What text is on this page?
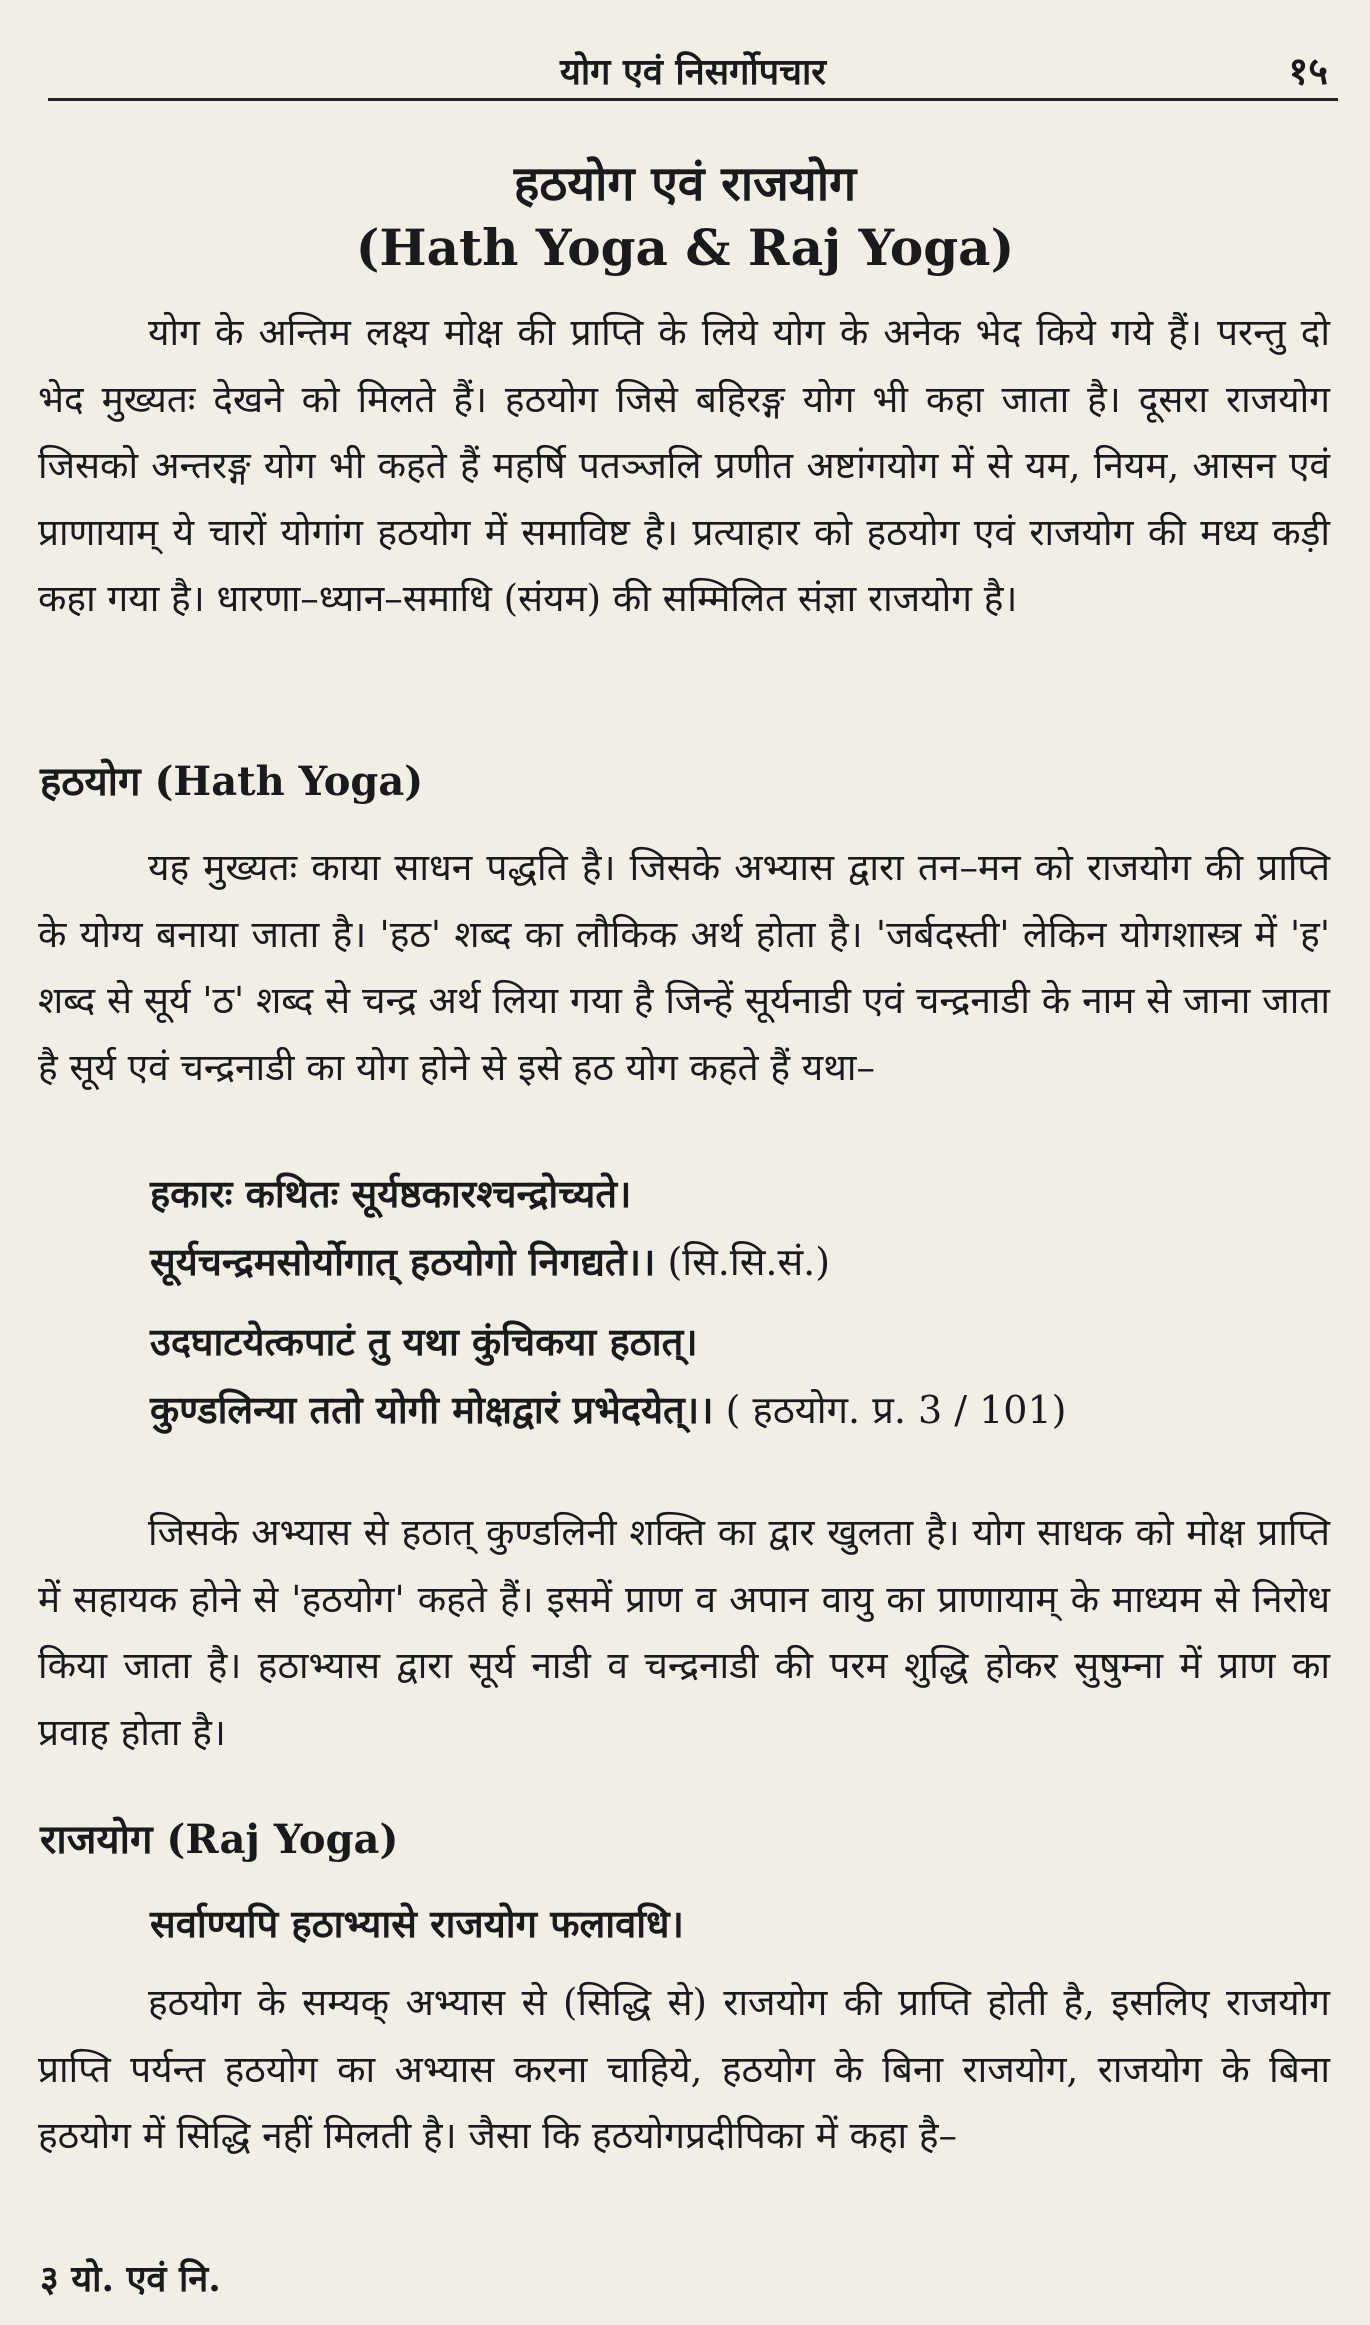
योग एवं निसर्गोपचार	१५
हठयोग एवं राजयोग
(Hath Yoga & Raj Yoga)

योग के अन्तिम लक्ष्य मोक्ष की प्राप्ति के लिये योग के अनेक भेद किये गये हैं। परन्तु दो भेद मुख्यतः देखने को मिलते हैं। हठयोग जिसे बहिरङ्ग योग भी कहा जाता है। दूसरा राजयोग जिसको अन्तरङ्ग योग भी कहते हैं महर्षि पतञ्जलि प्रणीत अष्टांगयोग में से यम, नियम, आसन एवं प्राणायाम् ये चारों योगांग हठयोग में समाविष्ट है। प्रत्याहार को हठयोग एवं राजयोग की मध्य कड़ी कहा गया है। धारणा–ध्यान–समाधि (संयम) की सम्मिलित संज्ञा राजयोग है।

हठयोग (Hath Yoga)

यह मुख्यतः काया साधन पद्धति है। जिसके अभ्यास द्वारा तन–मन को राजयोग की प्राप्ति के योग्य बनाया जाता है। 'हठ' शब्द का लौकिक अर्थ होता है। 'जर्बदस्ती' लेकिन योगशास्त्र में 'ह' शब्द से सूर्य 'ठ' शब्द से चन्द्र अर्थ लिया गया है जिन्हें सूर्यनाडी एवं चन्द्रनाडी के नाम से जाना जाता है सूर्य एवं चन्द्रनाडी का योग होने से इसे हठ योग कहते हैं यथा–

हकारः कथितः सूर्यष्ठकारश्चन्द्रोच्यते।
सूर्यचन्द्रमसोर्योगात् हठयोगो निगद्यते।। (सि.सि.सं.)
उदघाटयेत्कपाटं तु यथा कुंचिकया हठात्।
कुण्डलिन्या ततो योगी मोक्षद्वारं प्रभेदयेत्।। ( हठयोग. प्र. 3 / 101)

जिसके अभ्यास से हठात् कुण्डलिनी शक्ति का द्वार खुलता है। योग साधक को मोक्ष प्राप्ति में सहायक होने से 'हठयोग' कहते हैं। इसमें प्राण व अपान वायु का प्राणायाम् के माध्यम से निरोध किया जाता है। हठाभ्यास द्वारा सूर्य नाडी व चन्द्रनाडी की परम शुद्धि होकर सुषुम्ना में प्राण का प्रवाह होता है।

राजयोग (Raj Yoga)
सर्वाण्यपि हठाभ्यासे राजयोग फलावधि।

हठयोग के सम्यक् अभ्यास से (सिद्धि से) राजयोग की प्राप्ति होती है, इसलिए राजयोग प्राप्ति पर्यन्त हठयोग का अभ्यास करना चाहिये, हठयोग के बिना राजयोग, राजयोग के बिना हठयोग में सिद्धि नहीं मिलती है। जैसा कि हठयोगप्रदीपिका में कहा है–

३ यो. एवं नि.
